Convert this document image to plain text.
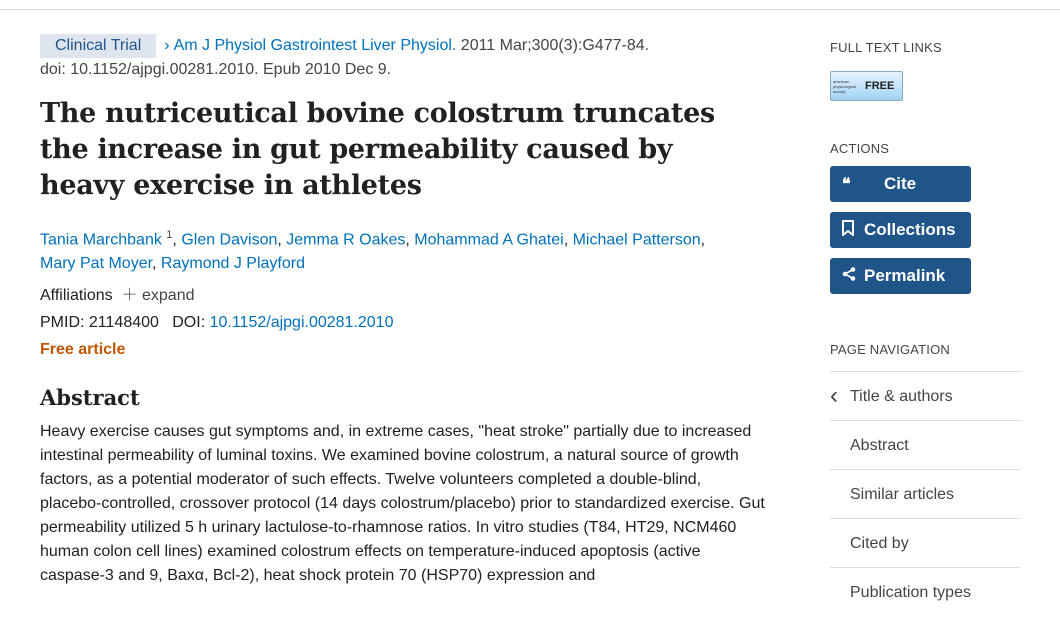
Clinical Trial › Am J Physiol Gastrointest Liver Physiol. 2011 Mar;300(3):G477-84.
doi: 10.1152/ajpgi.00281.2010. Epub 2010 Dec 9.
The nutriceutical bovine colostrum truncates the increase in gut permeability caused by heavy exercise in athletes
Tania Marchbank $^1$, Glen Davison, Jemma R Oakes, Mohammad A Ghatei, Michael Patterson,
Mary Pat Moyer, Raymond J Playford
Affiliations  ＋ expand
PMID: 21148400 DOI: 10.1152/ajpgi.00281.2010
Free article
Abstract
Heavy exercise causes gut symptoms and, in extreme cases, "heat stroke" partially due to increased intestinal permeability of luminal toxins. We examined bovine colostrum, a natural source of growth factors, as a potential moderator of such effects. Twelve volunteers completed a double-blind, placebo-controlled, crossover protocol (14 days colostrum/placebo) prior to standardized exercise. Gut permeability utilized 5 h urinary lactulose-to-rhamnose ratios. In vitro studies (T84, HT29, NCM460 human colon cell lines) examined colostrum effects on temperature-induced apoptosis (active caspase-3 and 9, Baxα, Bcl-2), heat shock protein 70 (HSP70) expression and
FULL TEXT LINKS
american
physiological
society	FREE
ACTIONS
❝	Cite
Collections
Permalink
PAGE NAVIGATION
‹ Title & authors
Abstract
Similar articles
Cited by
Publication types
